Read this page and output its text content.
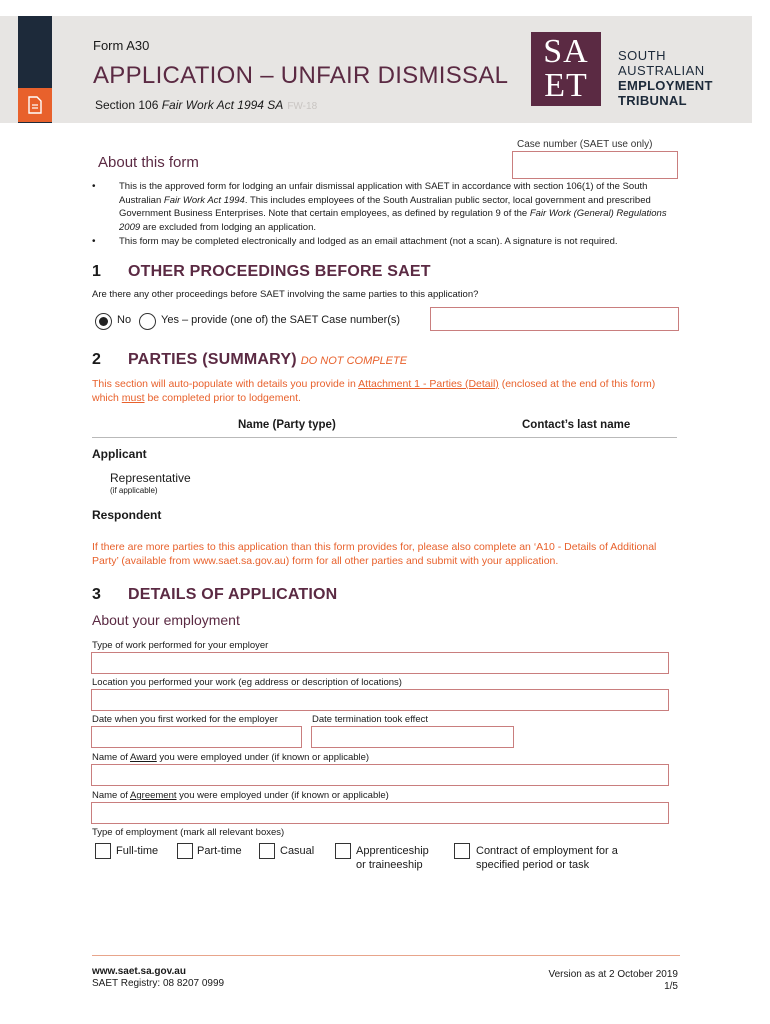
Form A30
APPLICATION – UNFAIR DISMISSAL
Section 106 Fair Work Act 1994 SA FW-18
SA
ET
SOUTH
AUSTRALIAN
EMPLOYMENT
TRIBUNAL
Case number (SAET use only)
About this form
• This is the approved form for lodging an unfair dismissal application with SAET in accordance with section 106(1) of the South Australian Fair Work Act 1994. This includes employees of the South Australian public sector, local government and prescribed Government Business Enterprises. Note that certain employees, as defined by regulation 9 of the Fair Work (General) Regulations 2009 are excluded from lodging an application.
• This form may be completed electronically and lodged as an email attachment (not a scan). A signature is not required.
1 OTHER PROCEEDINGS BEFORE SAET
Are there any other proceedings before SAET involving the same parties to this application?
No	Yes – provide (one of) the SAET Case number(s)
2 PARTIES (SUMMARY) DO NOT COMPLETE
This section will auto-populate with details you provide in Attachment 1 - Parties (Detail) (enclosed at the end of this form) which must be completed prior to lodgement.
Name (Party type)	Contact’s last name
Applicant
Representative
(if applicable)
Respondent
If there are more parties to this application than this form provides for, please also complete an ‘A10 - Details of Additional Party’ (available from www.saet.sa.gov.au) form for all other parties and submit with your application.
3 DETAILS OF APPLICATION
About your employment
Type of work performed for your employer
Location you performed your work (eg address or description of locations)
Date when you first worked for the employer	Date termination took effect
Name of Award you were employed under (if known or applicable)
Name of Agreement you were employed under (if known or applicable)
Type of employment (mark all relevant boxes)
Full-time	Part-time	Casual	Apprenticeship
or traineeship
Contract of employment for a
specified period or task
www.saet.sa.gov.au
SAET Registry: 08 8207 0999
Version as at 2 October 2019
1/5
